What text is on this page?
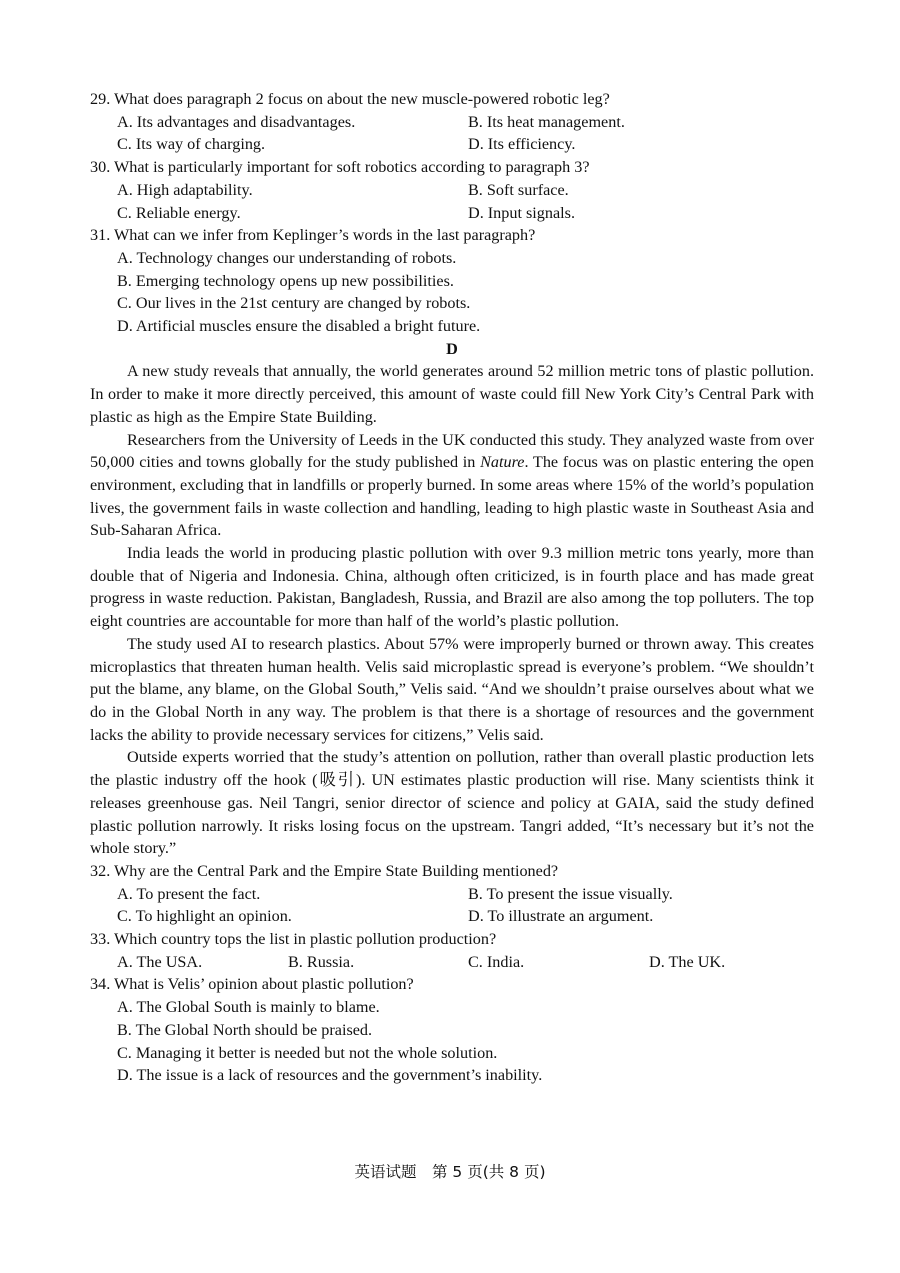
29. What does paragraph 2 focus on about the new muscle-powered robotic leg?

A. Its advantages and disadvantages.	B. Its heat management.

C. Its way of charging.	D. Its efficiency.

30. What is particularly important for soft robotics according to paragraph 3?

A. High adaptability.	B. Soft surface.

C. Reliable energy.	D. Input signals.

31. What can we infer from Keplinger’s words in the last paragraph?

A. Technology changes our understanding of robots.

B. Emerging technology opens up new possibilities.

C. Our lives in the 21st century are changed by robots.

D. Artificial muscles ensure the disabled a bright future.

D

A new study reveals that annually, the world generates around 52 million metric tons of plastic pollution. In order to make it more directly perceived, this amount of waste could fill New York City’s Central Park with plastic as high as the Empire State Building.

Researchers from the University of Leeds in the UK conducted this study. They analyzed waste from over 50,000 cities and towns globally for the study published in Nature. The focus was on plastic entering the open environment, excluding that in landfills or properly burned. In some areas where 15% of the world’s population lives, the government fails in waste collection and handling, leading to high plastic waste in Southeast Asia and Sub-Saharan Africa.

India leads the world in producing plastic pollution with over 9.3 million metric tons yearly, more than double that of Nigeria and Indonesia. China, although often criticized, is in fourth place and has made great progress in waste reduction. Pakistan, Bangladesh, Russia, and Brazil are also among the top polluters. The top eight countries are accountable for more than half of the world’s plastic pollution.

The study used AI to research plastics. About 57% were improperly burned or thrown away. This creates microplastics that threaten human health. Velis said microplastic spread is everyone’s problem. “We shouldn’t put the blame, any blame, on the Global South,” Velis said. “And we shouldn’t praise ourselves about what we do in the Global North in any way. The problem is that there is a shortage of resources and the government lacks the ability to provide necessary services for citizens,” Velis said.

Outside experts worried that the study’s attention on pollution, rather than overall plastic production lets the plastic industry off the hook (吸引). UN estimates plastic production will rise. Many scientists think it releases greenhouse gas. Neil Tangri, senior director of science and policy at GAIA, said the study defined plastic pollution narrowly. It risks losing focus on the upstream. Tangri added, “It’s necessary but it’s not the whole story.”

32. Why are the Central Park and the Empire State Building mentioned?

A. To present the fact.	B. To present the issue visually.

C. To highlight an opinion.	D. To illustrate an argument.

33. Which country tops the list in plastic pollution production?

A. The USA.	B. Russia.	C. India.	D. The UK.

34. What is Velis’ opinion about plastic pollution?

A. The Global South is mainly to blame.

B. The Global North should be praised.

C. Managing it better is needed but not the whole solution.

D. The issue is a lack of resources and the government’s inability.

英语试题　第 5 页(共 8 页)
